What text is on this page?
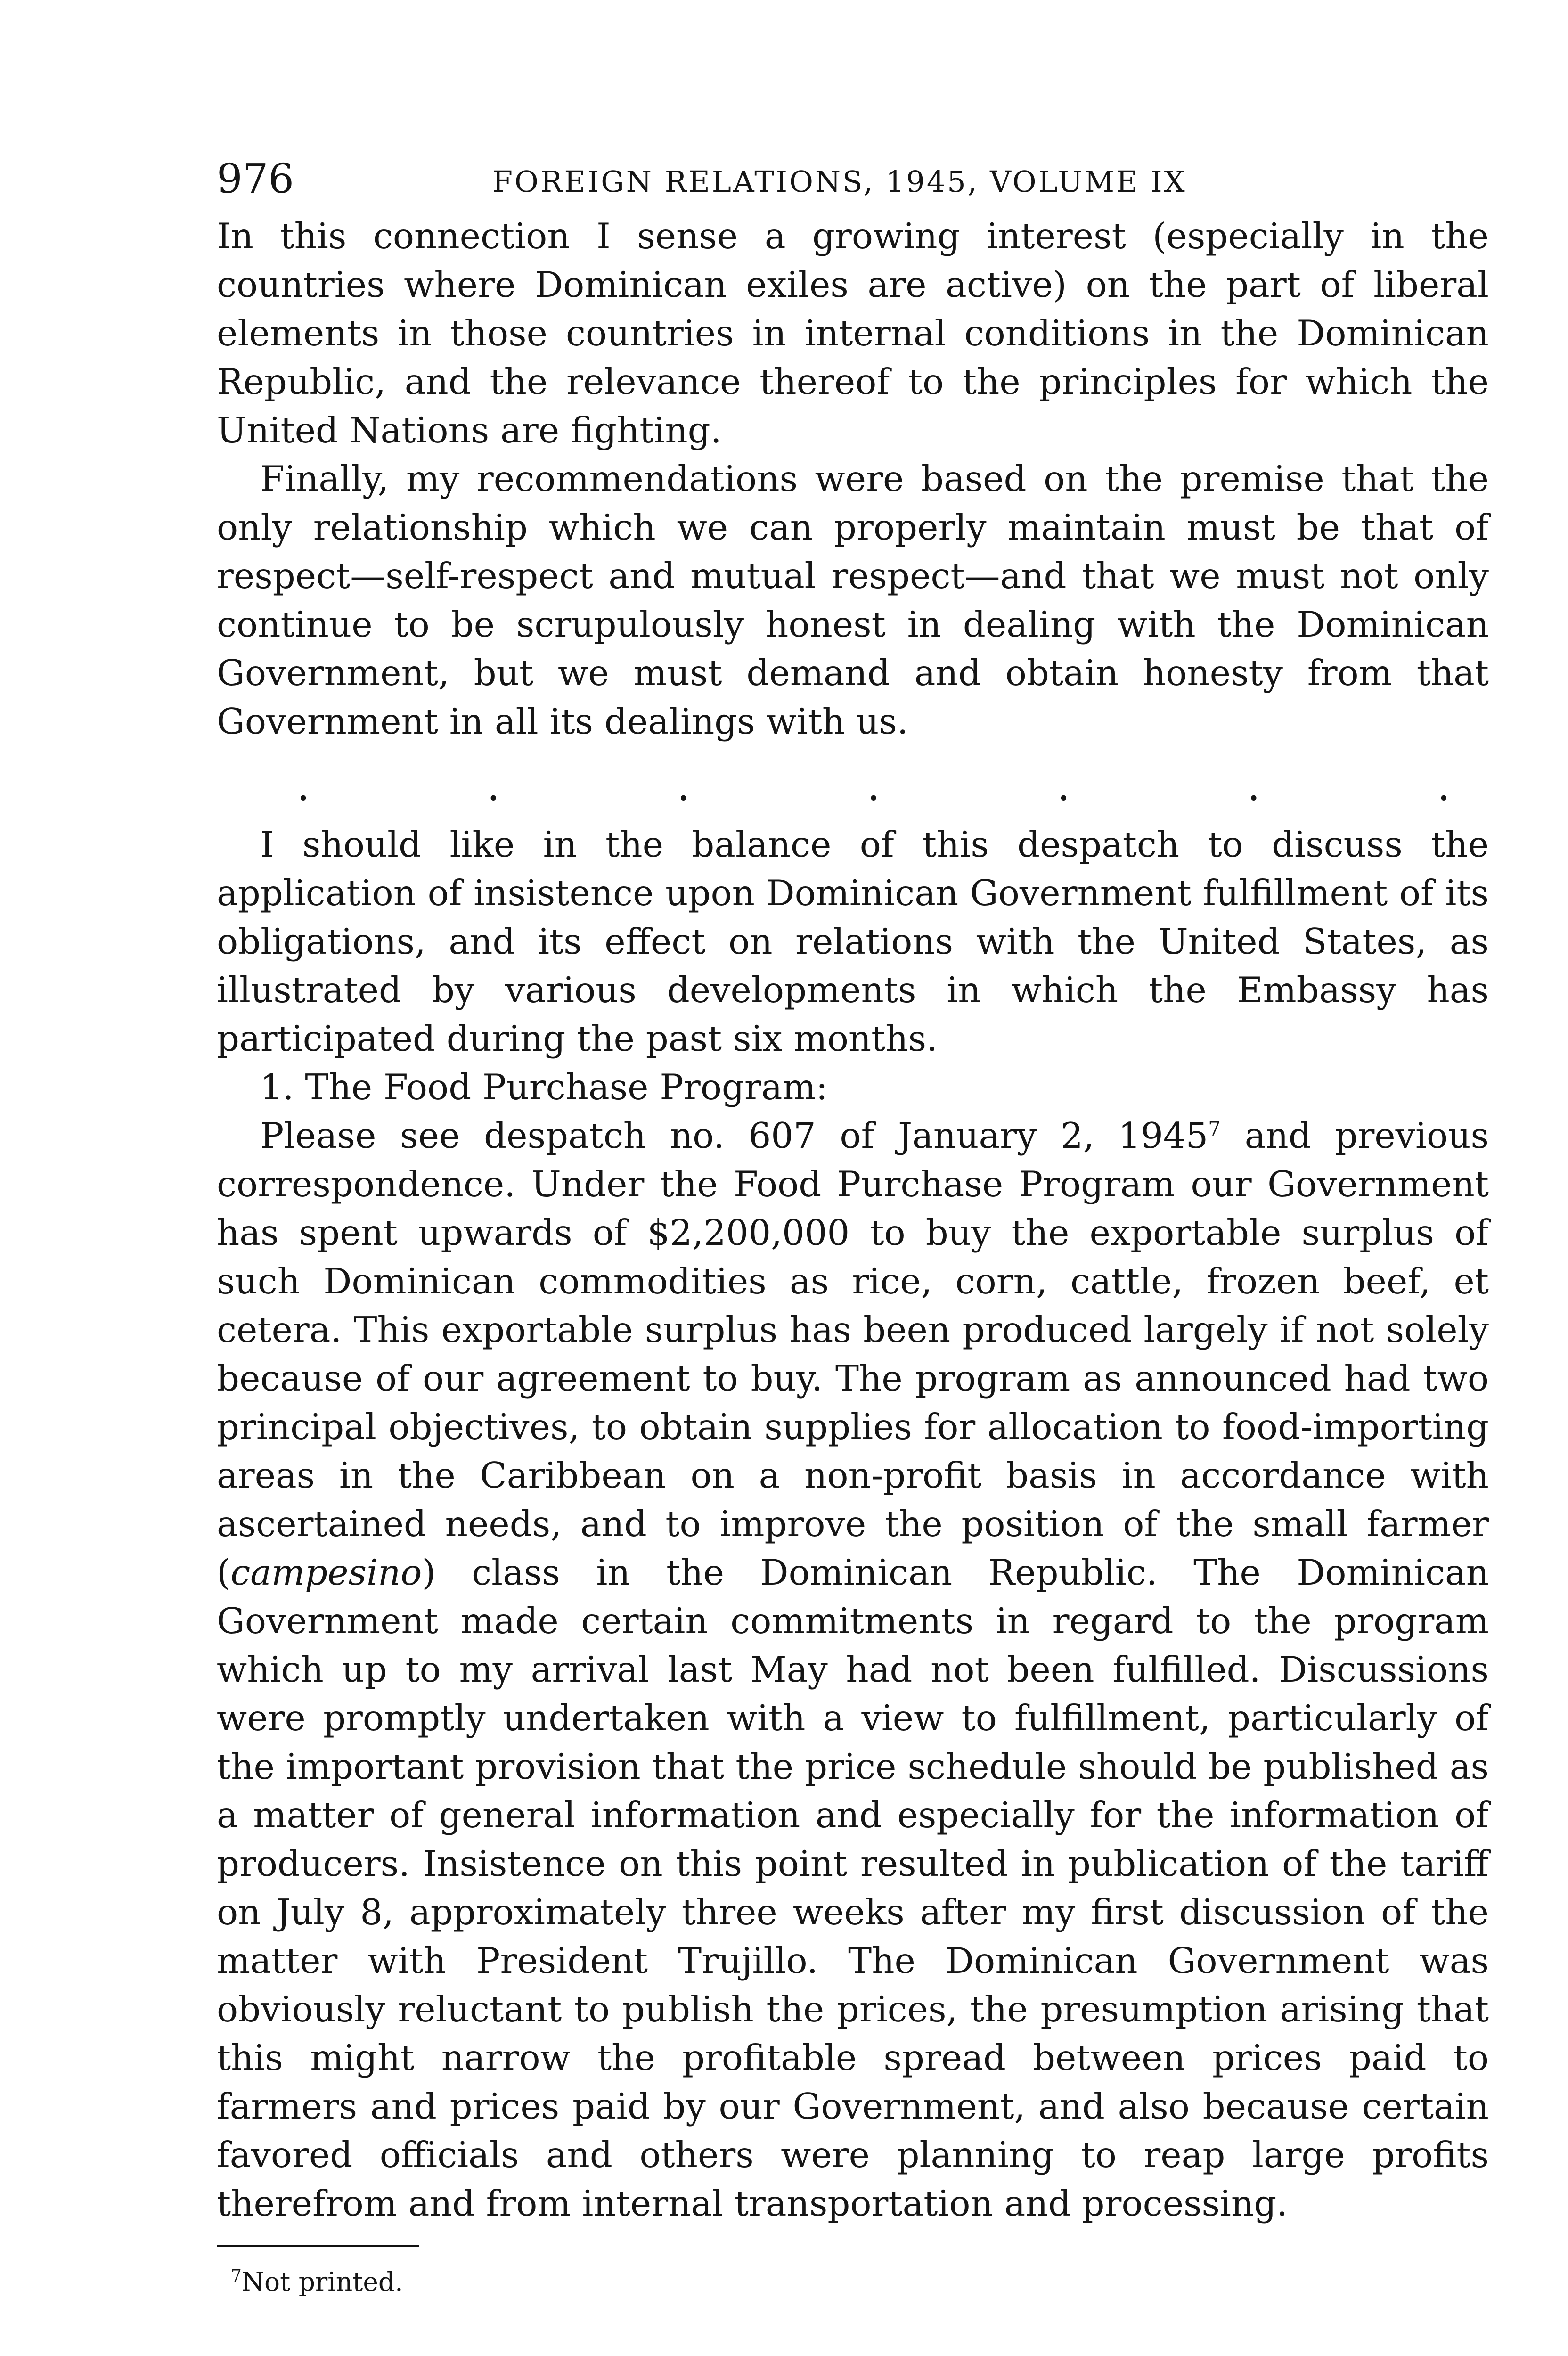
976	FOREIGN RELATIONS, 1945, VOLUME IX

In this connection I sense a growing interest (especially in the countries where Dominican exiles are active) on the part of liberal elements in those countries in internal conditions in the Dominican Republic, and the relevance thereof to the principles for which the United Nations are fighting.

Finally, my recommendations were based on the premise that the only relationship which we can properly maintain must be that of respect—self-respect and mutual respect—and that we must not only continue to be scrupulously honest in dealing with the Dominican Government, but we must demand and obtain honesty from that Government in all its dealings with us.

.	.	.	.	.	.	.

I should like in the balance of this despatch to discuss the application of insistence upon Dominican Government fulfillment of its obligations, and its effect on relations with the United States, as illustrated by various developments in which the Embassy has participated during the past six months.

1. The Food Purchase Program:

Please see despatch no. 607 of January 2, 1945$^7$ and previous correspondence. Under the Food Purchase Program our Government has spent upwards of $2,200,000 to buy the exportable surplus of such Dominican commodities as rice, corn, cattle, frozen beef, et cetera. This exportable surplus has been produced largely if not solely because of our agreement to buy. The program as announced had two principal objectives, to obtain supplies for allocation to food-importing areas in the Caribbean on a non-profit basis in accordance with ascertained needs, and to improve the position of the small farmer (campesino) class in the Dominican Republic. The Dominican Government made certain commitments in regard to the program which up to my arrival last May had not been fulfilled. Discussions were promptly undertaken with a view to fulfillment, particularly of the important provision that the price schedule should be published as a matter of general information and especially for the information of producers. Insistence on this point resulted in publication of the tariff on July 8, approximately three weeks after my first discussion of the matter with President Trujillo. The Dominican Government was obviously reluctant to publish the prices, the presumption arising that this might narrow the profitable spread between prices paid to farmers and prices paid by our Government, and also because certain favored officials and others were planning to reap large profits therefrom and from internal transportation and processing.

$^7$Not printed.
